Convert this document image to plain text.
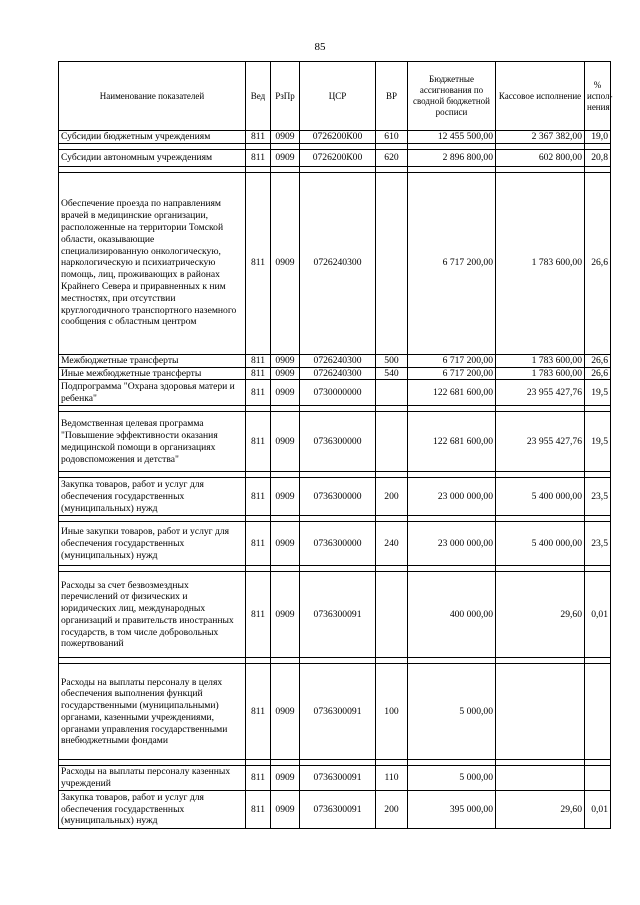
85
Наименование показателей	Вед	РзПр	ЦСР	ВР	Бюджетные ассигнования по сводной бюджетной росписи	Кассовое исполнение	% испол-нения
Субсидии бюджетным учреждениям	811	0909	0726200К00	610	12 455 500,00	2 367 382,00	19,0

Субсидии автономным учреждениям	811	0909	0726200К00	620	2 896 800,00	602 800,00	20,8

Обеспечение проезда по направлениям врачей в медицинские организации, расположенные на территории Томской области, оказывающие специализированную онкологическую, наркологическую и психиатрическую помощь, лиц, проживающих в районах Крайнего Севера и приравненных к ним местностях, при отсутствии круглогодичного транспортного наземного сообщения с областным центром	811	0909	0726240300		6 717 200,00	1 783 600,00	26,6
Межбюджетные трансферты	811	0909	0726240300	500	6 717 200,00	1 783 600,00	26,6
Иные межбюджетные трансферты	811	0909	0726240300	540	6 717 200,00	1 783 600,00	26,6
Подпрограмма "Охрана здоровья матери и ребенка"	811	0909	0730000000		122 681 600,00	23 955 427,76	19,5

Ведомственная целевая программа "Повышение эффективности оказания медицинской помощи в организациях родовспоможения и детства"	811	0909	0736300000		122 681 600,00	23 955 427,76	19,5

Закупка товаров, работ и услуг для обеспечения государственных (муниципальных) нужд	811	0909	0736300000	200	23 000 000,00	5 400 000,00	23,5

Иные закупки товаров, работ и услуг для обеспечения государственных (муниципальных) нужд	811	0909	0736300000	240	23 000 000,00	5 400 000,00	23,5

Расходы за счет безвозмездных перечислений от физических и юридических лиц, международных организаций и правительств иностранных государств, в том числе добровольных пожертвований	811	0909	0736300091		400 000,00	29,60	0,01

Расходы на выплаты персоналу в целях обеспечения выполнения функций государственными (муниципальными) органами, казенными учреждениями, органами управления государственными внебюджетными фондами	811	0909	0736300091	100	5 000,00		

Расходы на выплаты персоналу казенных учреждений	811	0909	0736300091	110	5 000,00		
Закупка товаров, работ и услуг для обеспечения государственных (муниципальных) нужд	811	0909	0736300091	200	395 000,00	29,60	0,01
